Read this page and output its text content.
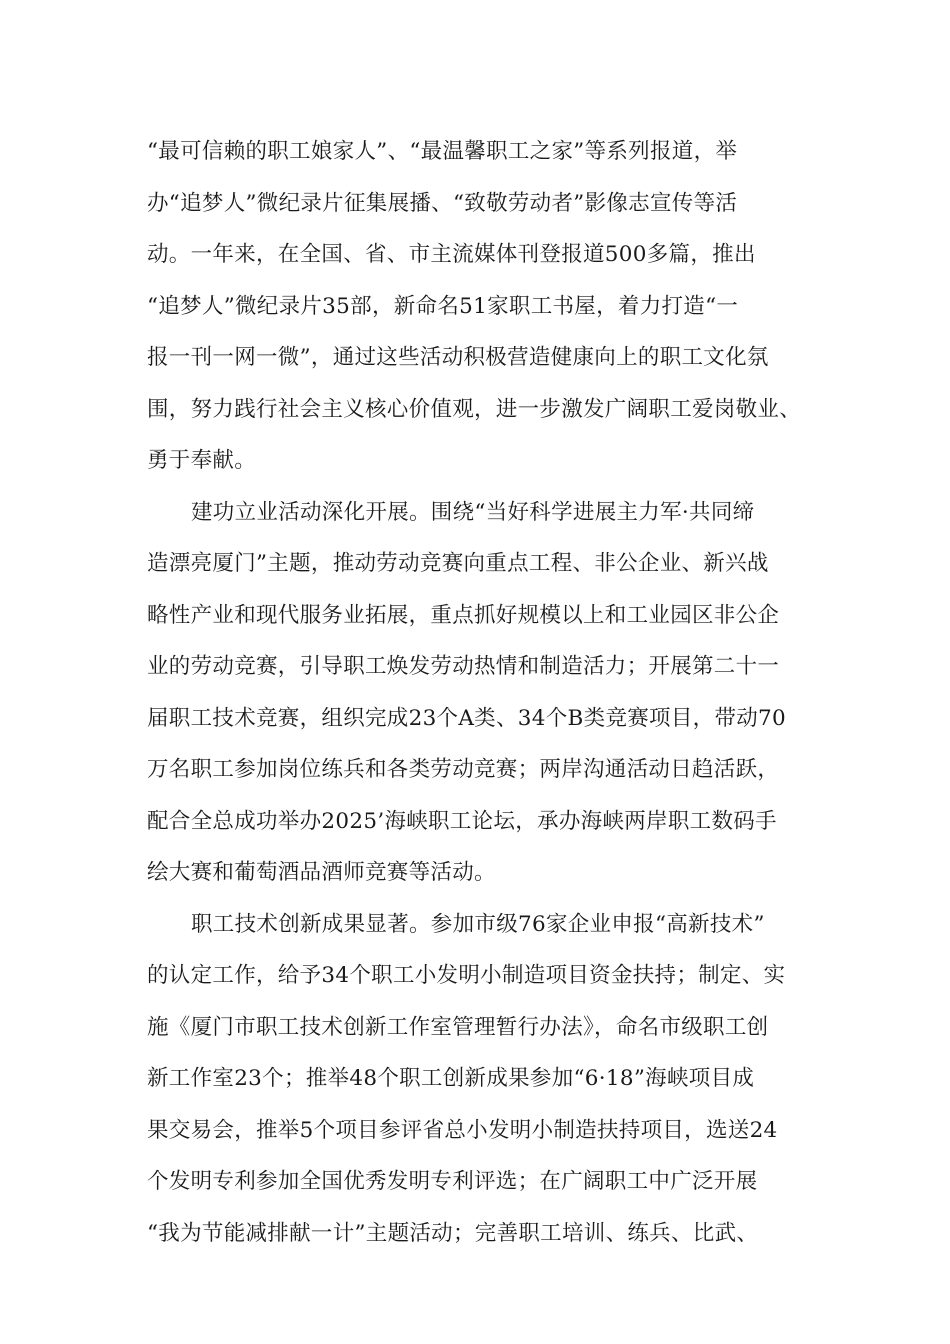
“最可信赖的职工娘家人”、“最温馨职工之家”等系列报道，举
办“追梦人”微纪录片征集展播、“致敬劳动者”影像志宣传等活
动。一年来，在全国、省、市主流媒体刊登报道500多篇，推出
“追梦人”微纪录片35部，新命名51家职工书屋，着力打造“一
报一刊一网一微”，通过这些活动积极营造健康向上的职工文化氛
围，努力践行社会主义核心价值观，进一步激发广阔职工爱岗敬业、
勇于奉献。
建功立业活动深化开展。围绕“当好科学进展主力军·共同缔
造漂亮厦门”主题，推动劳动竞赛向重点工程、非公企业、新兴战
略性产业和现代服务业拓展，重点抓好规模以上和工业园区非公企
业的劳动竞赛，引导职工焕发劳动热情和制造活力；开展第二十一
届职工技术竞赛，组织完成23个A类、34个B类竞赛项目，带动70
万名职工参加岗位练兵和各类劳动竞赛；两岸沟通活动日趋活跃，
配合全总成功举办2025’海峡职工论坛，承办海峡两岸职工数码手
绘大赛和葡萄酒品酒师竞赛等活动。
职工技术创新成果显著。参加市级76家企业申报“高新技术”
的认定工作，给予34个职工小发明小制造项目资金扶持；制定、实
施《厦门市职工技术创新工作室管理暂行办法》，命名市级职工创
新工作室23个；推举48个职工创新成果参加“6·18”海峡项目成
果交易会，推举5个项目参评省总小发明小制造扶持项目，选送24
个发明专利参加全国优秀发明专利评选；在广阔职工中广泛开展
“我为节能减排献一计”主题活动；完善职工培训、练兵、比武、
